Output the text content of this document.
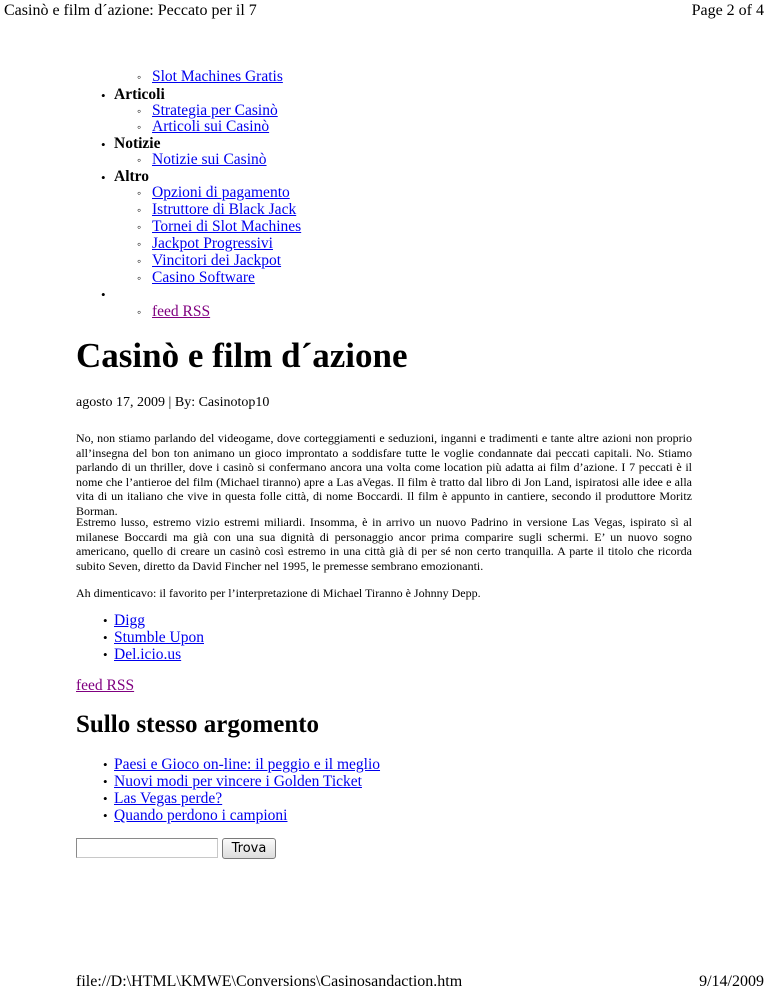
Casinò e film d´azione: Peccato per il 7	Page 2 of 4
◦ Slot Machines Gratis
• Articoli
◦ Strategia per Casinò
◦ Articoli sui Casinò
• Notizie
◦ Notizie sui Casinò
• Altro
◦ Opzioni di pagamento
◦ Istruttore di Black Jack
◦ Tornei di Slot Machines
◦ Jackpot Progressivi
◦ Vincitori dei Jackpot
◦ Casino Software
•
◦ feed RSS
Casinò e film d´azione
agosto 17, 2009 | By: Casinotop10
No, non stiamo parlando del videogame, dove corteggiamenti e seduzioni, inganni e tradimenti e tante altre azioni non proprio all’insegna del bon ton animano un gioco improntato a soddisfare tutte le voglie condannate dai peccati capitali. No. Stiamo parlando di un thriller, dove i casinò si confermano ancora una volta come location più adatta ai film d’azione. I 7 peccati è il nome che l’antieroe del film (Michael tiranno) apre a Las aVegas. Il film è tratto dal libro di Jon Land, ispiratosi alle idee e alla vita di un italiano che vive in questa folle città, di nome Boccardi. Il film è appunto in cantiere, secondo il produttore Moritz Borman.
Estremo lusso, estremo vizio estremi miliardi. Insomma, è in arrivo un nuovo Padrino in versione Las Vegas, ispirato sì al milanese Boccardi ma già con una sua dignità di personaggio ancor prima comparire sugli schermi. E’ un nuovo sogno americano, quello di creare un casinò così estremo in una città già di per sé non certo tranquilla. A parte il titolo che ricorda subito Seven, diretto da David Fincher nel 1995, le premesse sembrano emozionanti.
Ah dimenticavo: il favorito per l’interpretazione di Michael Tiranno è Johnny Depp.
• Digg
• Stumble Upon
• Del.icio.us
feed RSS
Sullo stesso argomento
• Paesi e Gioco on-line: il peggio e il meglio
• Nuovi modi per vincere i Golden Ticket
• Las Vegas perde?
• Quando perdono i campioni
Trova
file://D:\HTML\KMWE\Conversions\Casinosandaction.htm	9/14/2009
